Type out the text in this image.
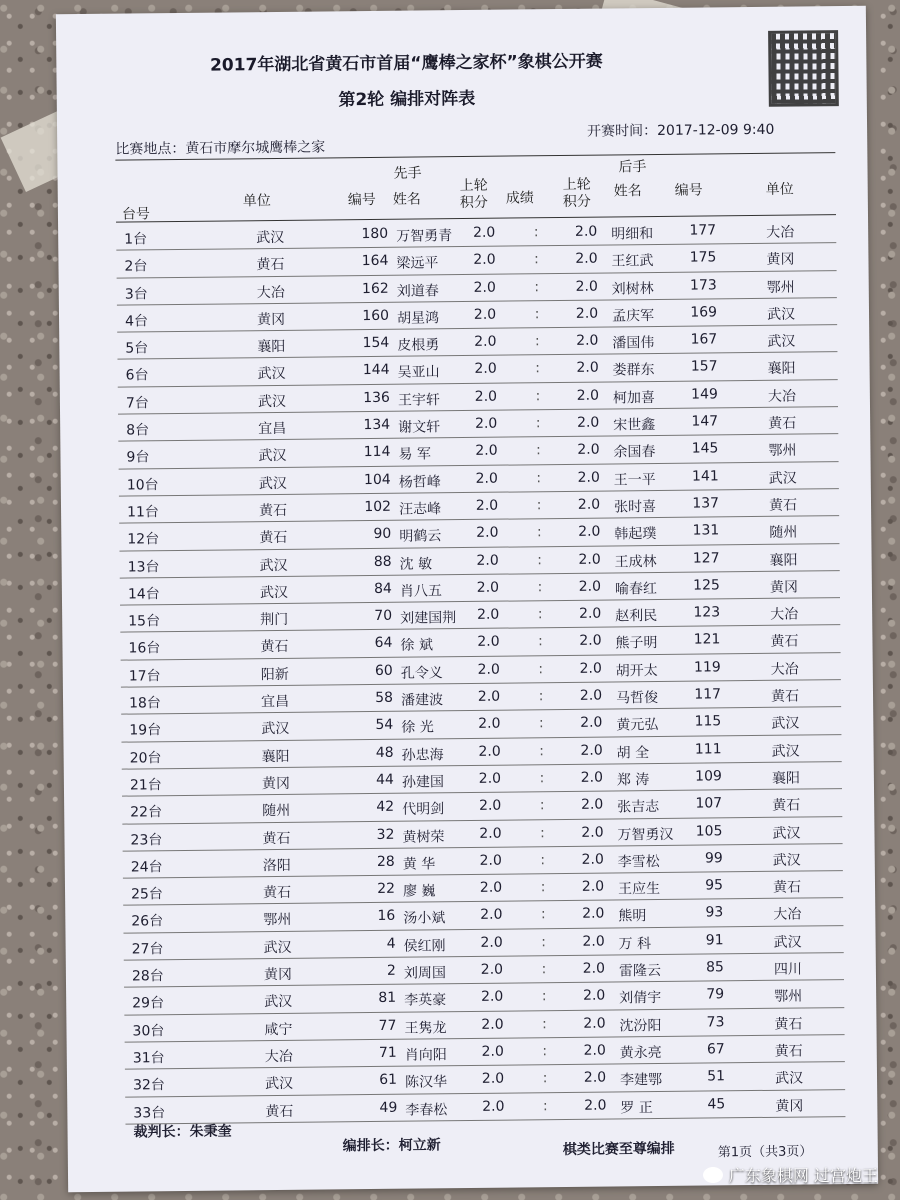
2017年湖北省黄石市首届“鹰棒之家杯”象棋公开赛
第2轮 编排对阵表
开赛时间：2017-12-09 9:40
比赛地点：黄石市摩尔城鹰棒之家
先手	后手
台号
单位	编号 姓名
上轮积分 成绩
上轮积分
姓名 编号	单位
1台	武汉	180 万智勇青	2.0	:	2.0 明细和	177	大冶
2台	黄石	164 梁远平	2.0	:	2.0 王红武	175	黄冈
3台	大冶	162 刘道春	2.0	:	2.0 刘树林	173	鄂州
4台	黄冈	160 胡星鸿	2.0	:	2.0 孟庆军	169	武汉
5台	襄阳	154 皮根勇	2.0	:	2.0 潘国伟	167	武汉
6台	武汉	144 吴亚山	2.0	:	2.0 娄群东	157	襄阳
7台	武汉	136 王宇轩	2.0	:	2.0 柯加喜	149	大冶
8台	宜昌	134 谢文轩	2.0	:	2.0 宋世鑫	147	黄石
9台	武汉	114 易 军	2.0	:	2.0 余国春	145	鄂州
10台	武汉	104 杨哲峰	2.0	:	2.0 王一平	141	武汉
11台	黄石	102 汪志峰	2.0	:	2.0 张时喜	137	黄石
12台	黄石	90 明鹤云	2.0	:	2.0 韩起璞	131	随州
13台	武汉	88 沈 敏	2.0	:	2.0 王成林	127	襄阳
14台	武汉	84 肖八五	2.0	:	2.0 喻春红	125	黄冈
15台	荆门	70 刘建国荆	2.0	:	2.0 赵利民	123	大冶
16台	黄石	64 徐 斌	2.0	:	2.0 熊子明	121	黄石
17台	阳新	60 孔令义	2.0	:	2.0 胡开太	119	大冶
18台	宜昌	58 潘建波	2.0	:	2.0 马哲俊	117	黄石
19台	武汉	54 徐 光	2.0	:	2.0 黄元弘	115	武汉
20台	襄阳	48 孙忠海	2.0	:	2.0 胡 全	111	武汉
21台	黄冈	44 孙建国	2.0	:	2.0 郑 涛	109	襄阳
22台	随州	42 代明剑	2.0	:	2.0 张吉志	107	黄石
23台	黄石	32 黄树荣	2.0	:	2.0 万智勇汉	105	武汉
24台	洛阳	28 黄 华	2.0	:	2.0 李雪松	99	武汉
25台	黄石	22 廖 巍	2.0	:	2.0 王应生	95	黄石
26台	鄂州	16 汤小斌	2.0	:	2.0 熊明	93	大冶
27台	武汉	4 侯红刚	2.0	:	2.0 万 科	91	武汉
28台	黄冈	2 刘周国	2.0	:	2.0 雷隆云	85	四川
29台	武汉	81 李英豪	2.0	:	2.0 刘倩宇	79	鄂州
30台	咸宁	77 王隽龙	2.0	:	2.0 沈汾阳	73	黄石
31台	大冶	71 肖向阳	2.0	:	2.0 黄永亮	67	黄石
32台	武汉	61 陈汉华	2.0	:	2.0 李建鄂	51	武汉
33台	黄石	49 李春松	2.0	:	2.0 罗 正	45	黄冈
裁判长：朱秉奎
编排长：柯立新	棋类比赛至尊编排	第1页（共3页）
广东象棋网 过宫炮王
